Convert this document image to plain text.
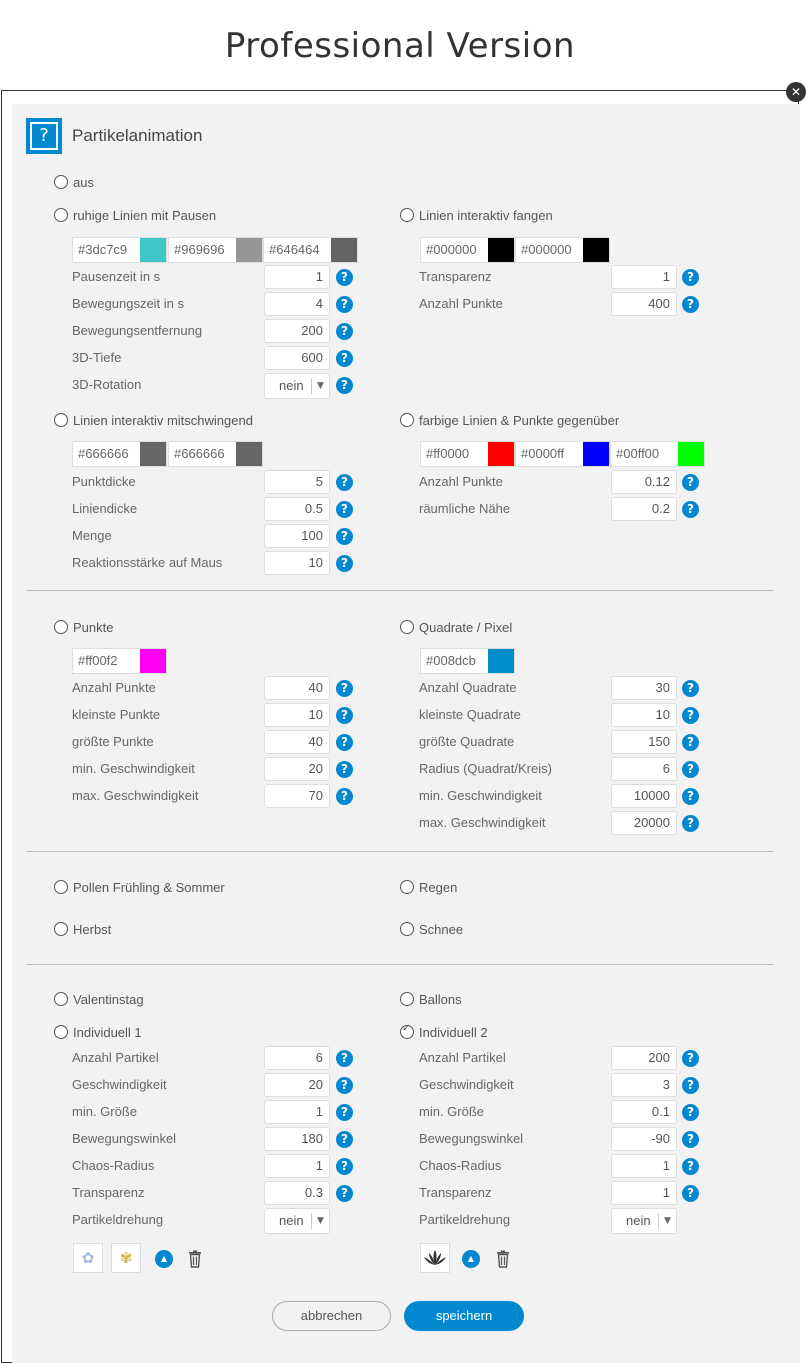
Professional Version
✕
?	Partikelanimation
aus
ruhige Linien mit Pausen	Linien interaktiv fangen
#3dc7c9	#969696	#646464	#000000	#000000
Pausenzeit in s	1	?
Bewegungszeit in s	4	?
Bewegungsentfernung	200	?
3D-Tiefe	600	?
3D-Rotation	nein ▼	?
Transparenz	1	?
Anzahl Punkte	400	?
Linien interaktiv mitschwingend	farbige Linien & Punkte gegenüber
#666666	#666666	#ff0000	#0000ff	#00ff00
Punktdicke	5	?
Liniendicke	0.5	?
Menge	100	?
Reaktionsstärke auf Maus	10	?
Anzahl Punkte	0.12	?
räumliche Nähe	0.2	?
Punkte	Quadrate / Pixel
#ff00f2	#008dcb
Anzahl Punkte	40	?
kleinste Punkte	10	?
größte Punkte	40	?
min. Geschwindigkeit	20	?
max. Geschwindigkeit	70	?
Anzahl Quadrate	30	?
kleinste Quadrate	10	?
größte Quadrate	150	?
Radius (Quadrat/Kreis)	6	?
min. Geschwindigkeit	10000	?
max. Geschwindigkeit	20000	?
Pollen Frühling & Sommer	Regen
Herbst	Schnee
Valentinstag	Ballons
Individuell 1
✓	Individuell 2
Anzahl Partikel	6	?
Geschwindigkeit	20	?
min. Größe	1	?
Bewegungswinkel	180	?
Chaos-Radius	1	?
Transparenz	0.3	?
Partikeldrehung	nein ▼
Anzahl Partikel	200	?
Geschwindigkeit	3	?
min. Größe	0.1	?
Bewegungswinkel	-90	?
Chaos-Radius	1	?
Transparenz	1	?
Partikeldrehung	nein ▼
✿	✾	▲	▲
abbrechen	speichern
